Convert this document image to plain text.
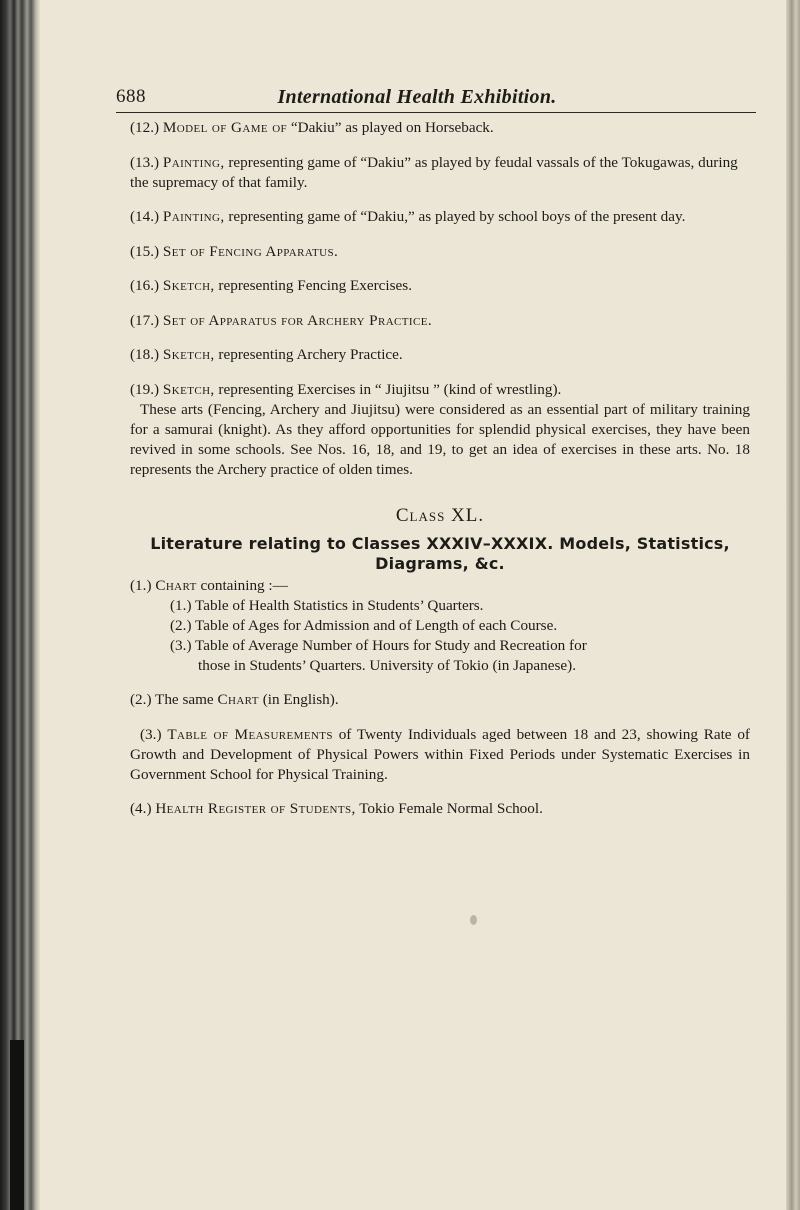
International Health Exhibition.
688

(12.) Model of Game of “Dakiu” as played on Horseback.

(13.) Painting, representing game of “Dakiu” as played by feudal vassals of the Tokugawas, during the supremacy of that family.

(14.) Painting, representing game of “Dakiu,” as played by school boys of the present day.

(15.) Set of Fencing Apparatus.

(16.) Sketch, representing Fencing Exercises.

(17.) Set of Apparatus for Archery Practice.

(18.) Sketch, representing Archery Practice.

(19.) Sketch, representing Exercises in “ Jiujitsu ” (kind of wrestling).

These arts (Fencing, Archery and Jiujitsu) were considered as an essential part of military training for a samurai (knight). As they afford opportunities for splendid physical exercises, they have been revived in some schools. See Nos. 16, 18, and 19, to get an idea of exercises in these arts. No. 18 represents the Archery practice of olden times.

Class XL.
Literature relating to Classes XXXIV–XXXIX. Models, Statistics, Diagrams, &c.

(1.) Chart containing :—

(1.) Table of Health Statistics in Students’ Quarters.

(2.) Table of Ages for Admission and of Length of each Course.

(3.) Table of Average Number of Hours for Study and Recreation for

those in Students’ Quarters. University of Tokio (in Japanese).

(2.) The same Chart (in English).

(3.) Table of Measurements of Twenty Individuals aged between 18 and 23, showing Rate of Growth and Development of Physical Powers within Fixed Periods under Systematic Exercises in Government School for Physical Training.

(4.) Health Register of Students, Tokio Female Normal School.
